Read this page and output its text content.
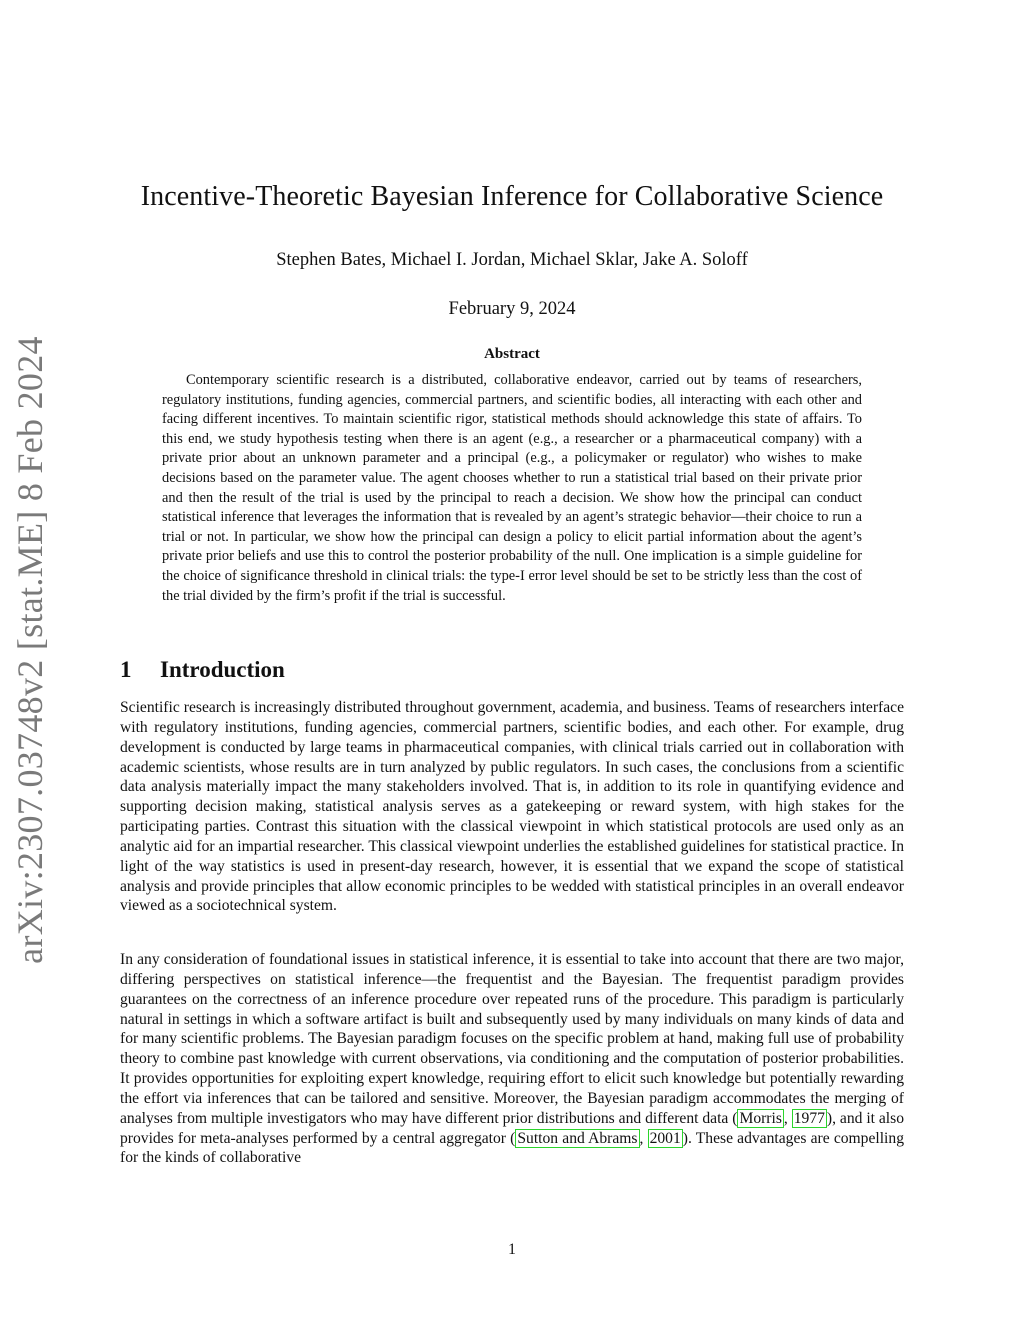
arXiv:2307.03748v2 [stat.ME] 8 Feb 2024
Incentive-Theoretic Bayesian Inference for Collaborative Science
Stephen Bates, Michael I. Jordan, Michael Sklar, Jake A. Soloff
February 9, 2024
Abstract

Contemporary scientific research is a distributed, collaborative endeavor, carried out by teams of researchers, regulatory institutions, funding agencies, commercial partners, and scientific bodies, all interacting with each other and facing different incentives. To maintain scientific rigor, statistical methods should acknowledge this state of affairs. To this end, we study hypothesis testing when there is an agent (e.g., a researcher or a pharmaceutical company) with a private prior about an unknown parameter and a principal (e.g., a policymaker or regulator) who wishes to make decisions based on the parameter value. The agent chooses whether to run a statistical trial based on their private prior and then the result of the trial is used by the principal to reach a decision. We show how the principal can conduct statistical inference that leverages the information that is revealed by an agent’s strategic behavior—their choice to run a trial or not. In particular, we show how the principal can design a policy to elicit partial information about the agent’s private prior beliefs and use this to control the posterior probability of the null. One implication is a simple guideline for the choice of significance threshold in clinical trials: the type-I error level should be set to be strictly less than the cost of the trial divided by the firm’s profit if the trial is successful.

1 Introduction

Scientific research is increasingly distributed throughout government, academia, and business. Teams of researchers interface with regulatory institutions, funding agencies, commercial partners, scientific bodies, and each other. For example, drug development is conducted by large teams in pharmaceutical companies, with clinical trials carried out in collaboration with academic scientists, whose results are in turn analyzed by public regulators. In such cases, the conclusions from a scientific data analysis materially impact the many stakeholders involved. That is, in addition to its role in quantifying evidence and supporting decision making, statistical analysis serves as a gatekeeping or reward system, with high stakes for the participating parties. Contrast this situation with the classical viewpoint in which statistical protocols are used only as an analytic aid for an impartial researcher. This classical viewpoint underlies the established guidelines for statistical practice. In light of the way statistics is used in present-day research, however, it is essential that we expand the scope of statistical analysis and provide principles that allow economic principles to be wedded with statistical principles in an overall endeavor viewed as a sociotechnical system.

In any consideration of foundational issues in statistical inference, it is essential to take into account that there are two major, differing perspectives on statistical inference—the frequentist and the Bayesian. The frequentist paradigm provides guarantees on the correctness of an inference procedure over repeated runs of the procedure. This paradigm is particularly natural in settings in which a software artifact is built and subsequently used by many individuals on many kinds of data and for many scientific problems. The Bayesian paradigm focuses on the specific problem at hand, making full use of probability theory to combine past knowledge with current observations, via conditioning and the computation of posterior probabilities. It provides opportunities for exploiting expert knowledge, requiring effort to elicit such knowledge but potentially rewarding the effort via inferences that can be tailored and sensitive. Moreover, the Bayesian paradigm accommodates the merging of analyses from multiple investigators who may have different prior distributions and different data ( Morris , 1977 ), and it also provides for meta-analyses performed by a central aggregator ( Sutton and Abrams , 2001 ). These advantages are compelling for the kinds of collaborative

1
